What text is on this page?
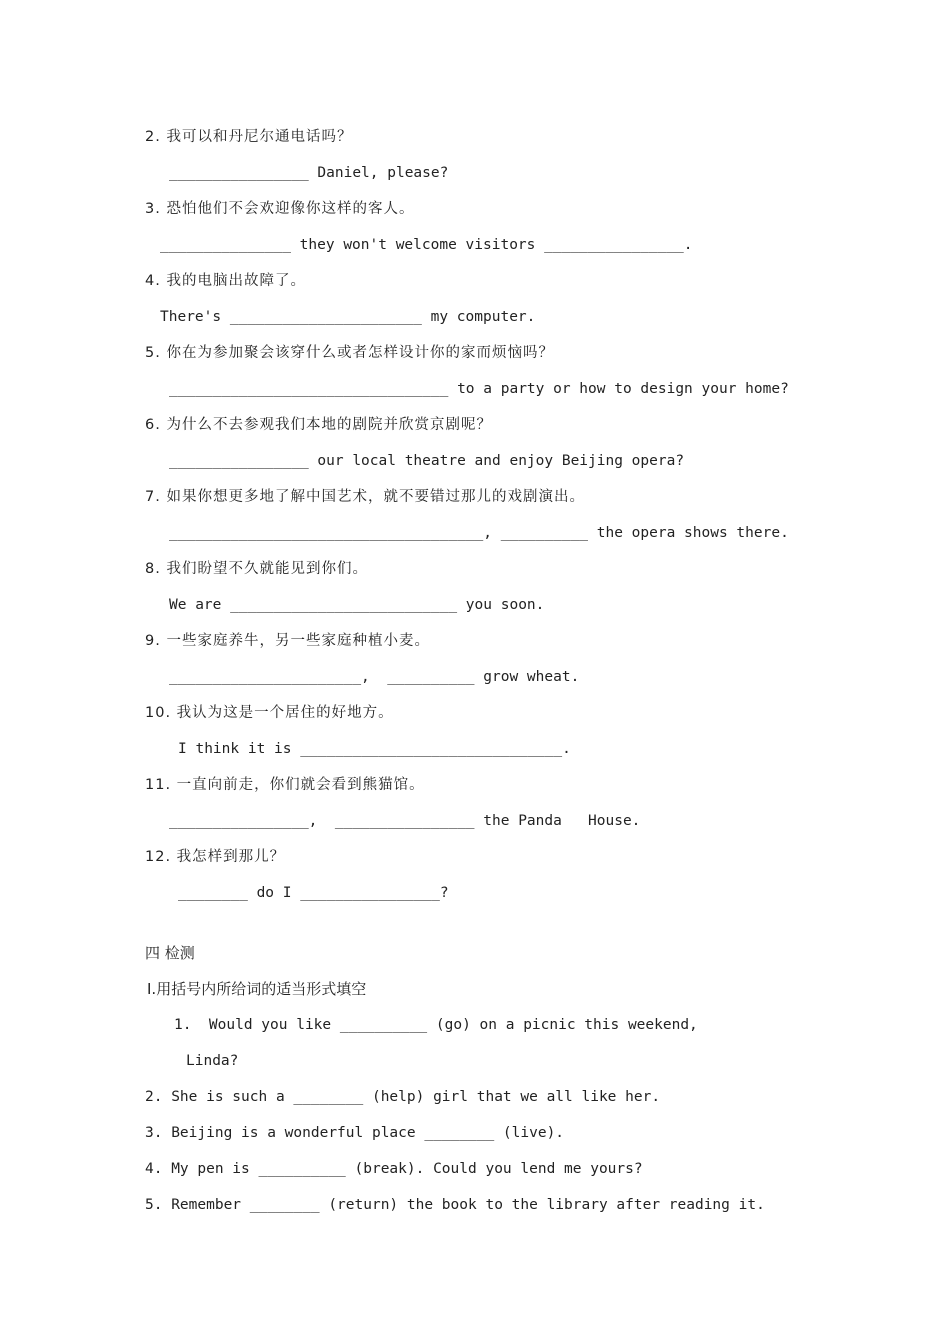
2. 我可以和丹尼尔通电话吗？
________________ Daniel, please?
3. 恐怕他们不会欢迎像你这样的客人。
_______________ they won't welcome visitors ________________.
4. 我的电脑出故障了。
There's ______________________ my computer.
5. 你在为参加聚会该穿什么或者怎样设计你的家而烦恼吗？
________________________________ to a party or how to design your home?
6. 为什么不去参观我们本地的剧院并欣赏京剧呢？
________________ our local theatre and enjoy Beijing opera?
7. 如果你想更多地了解中国艺术，就不要错过那儿的戏剧演出。
____________________________________, __________ the opera shows there.
8. 我们盼望不久就能见到你们。
We are __________________________ you soon.
9. 一些家庭养牛，另一些家庭种植小麦。
______________________,  __________ grow wheat.
10. 我认为这是一个居住的好地方。
I think it is ______________________________.
11. 一直向前走，你们就会看到熊猫馆。
________________,  ________________ the Panda   House.
12. 我怎样到那儿？
________ do I ________________?
四 检测
Ⅰ.用括号内所给词的适当形式填空
1.  Would you like __________ (go) on a picnic this weekend,
Linda?
2. She is such a ________ (help) girl that we all like her.
3. Beijing is a wonderful place ________ (live).
4. My pen is __________ (break). Could you lend me yours?
5. Remember ________ (return) the book to the library after reading it.
